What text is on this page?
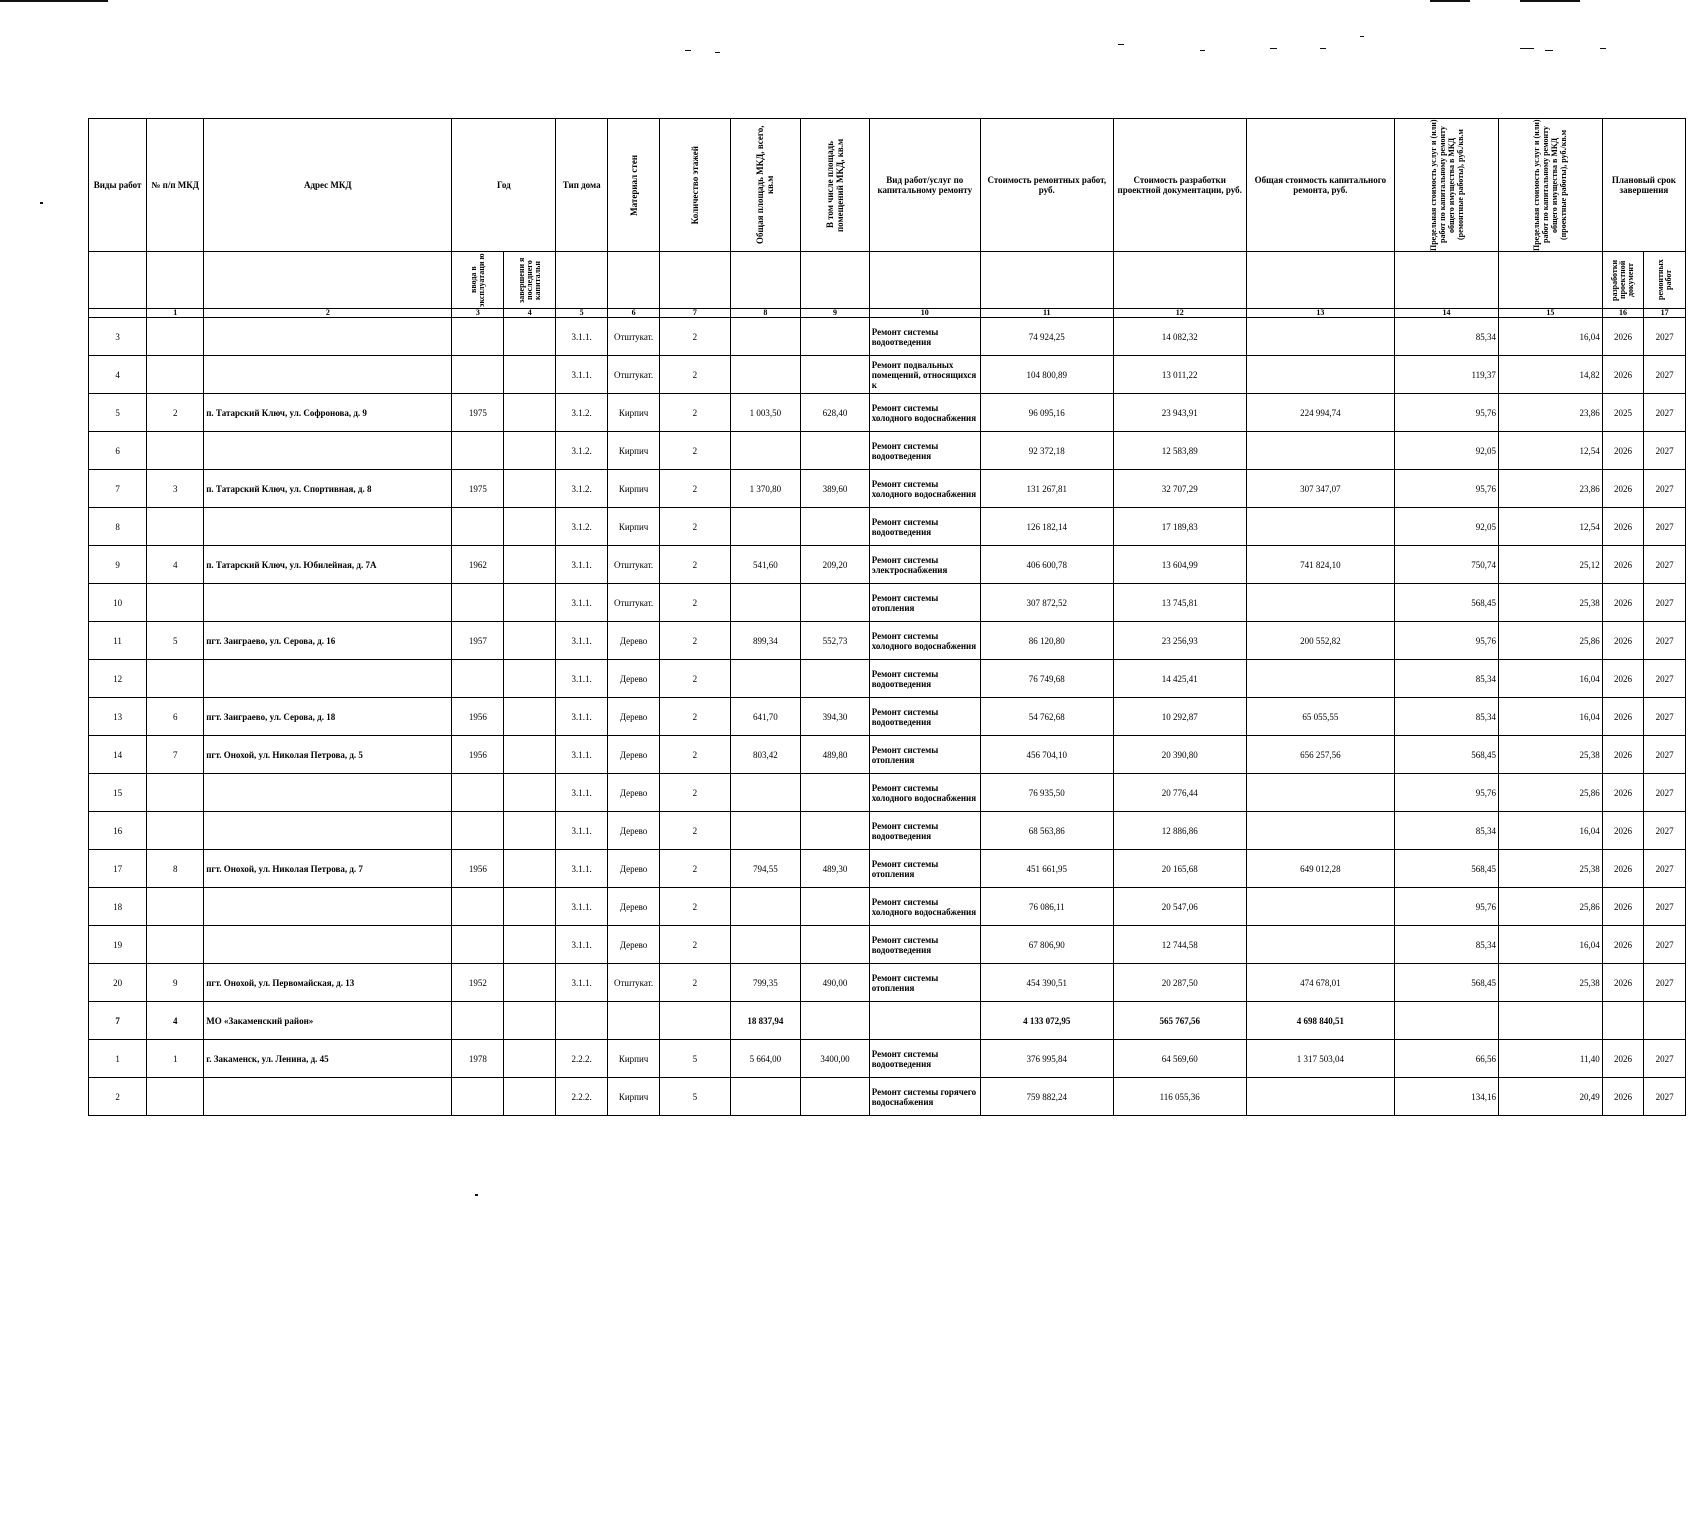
Виды работ	№ п/п МКД	Адрес МКД	Год		Тип дома	Материал стен	Количество этажей	Общая площадь МКД, всего, кв.м	В том числе площадь помещений МКД, кв.м	Вид работ/услуг по капитальному ремонту	Стоимость ремонтных работ, руб.	Стоимость разработки проектной документации, руб.	Общая стоимость капитального ремонта, руб.	Предельная стоимость услуг и (или) работ по капитальному ремонту общего имущества в МКД (ремонтные работы), руб./кв.м	Предельная стоимость услуг и (или) работ по капитальному ремонту общего имущества в МКД (проектные работы), руб./кв.м	Плановый срок завершения	

			ввода в эксплуатаци ю	завершени я последнего капитальн												разработки проектной документ	ремонтных работ

	1	2	3	4	5	6	7	8	9	10	11	12	13	14	15	16	17
3					3.1.1.	Отштукат.	2			Ремонт системы водоотведения	74 924,25	14 082,32		85,34	16,04	2026	2027
4					3.1.1.	Отштукат.	2			Ремонт подвальных помещений, относящихся к	104 800,89	13 011,22		119,37	14,82	2026	2027
5	2	п. Татарский Ключ, ул. Софронова, д. 9	1975		3.1.2.	Кирпич	2	1 003,50	628,40	Ремонт системы холодного водоснабжения	96 095,16	23 943,91	224 994,74	95,76	23,86	2025	2027
6					3.1.2.	Кирпич	2			Ремонт системы водоотведения	92 372,18	12 583,89		92,05	12,54	2026	2027
7	3	п. Татарский Ключ, ул. Спортивная, д. 8	1975		3.1.2.	Кирпич	2	1 370,80	389,60	Ремонт системы холодного водоснабжения	131 267,81	32 707,29	307 347,07	95,76	23,86	2026	2027
8					3.1.2.	Кирпич	2			Ремонт системы водоотведения	126 182,14	17 189,83		92,05	12,54	2026	2027
9	4	п. Татарский Ключ, ул. Юбилейная, д. 7А	1962		3.1.1.	Отштукат.	2	541,60	209,20	Ремонт системы электроснабжения	406 600,78	13 604,99	741 824,10	750,74	25,12	2026	2027
10					3.1.1.	Отштукат.	2			Ремонт системы отопления	307 872,52	13 745,81		568,45	25,38	2026	2027
11	5	пгт. Заиграево, ул. Серова, д. 16	1957		3.1.1.	Дерево	2	899,34	552,73	Ремонт системы холодного водоснабжения	86 120,80	23 256,93	200 552,82	95,76	25,86	2026	2027
12					3.1.1.	Дерево	2			Ремонт системы водоотведения	76 749,68	14 425,41		85,34	16,04	2026	2027
13	6	пгт. Заиграево, ул. Серова, д. 18	1956		3.1.1.	Дерево	2	641,70	394,30	Ремонт системы водоотведения	54 762,68	10 292,87	65 055,55	85,34	16,04	2026	2027
14	7	пгт. Онохой, ул. Николая Петрова, д. 5	1956		3.1.1.	Дерево	2	803,42	489,80	Ремонт системы отопления	456 704,10	20 390,80	656 257,56	568,45	25,38	2026	2027
15					3.1.1.	Дерево	2			Ремонт системы холодного водоснабжения	76 935,50	20 776,44		95,76	25,86	2026	2027
16					3.1.1.	Дерево	2			Ремонт системы водоотведения	68 563,86	12 886,86		85,34	16,04	2026	2027
17	8	пгт. Онохой, ул. Николая Петрова, д. 7	1956		3.1.1.	Дерево	2	794,55	489,30	Ремонт системы отопления	451 661,95	20 165,68	649 012,28	568,45	25,38	2026	2027
18					3.1.1.	Дерево	2			Ремонт системы холодного водоснабжения	76 086,11	20 547,06		95,76	25,86	2026	2027
19					3.1.1.	Дерево	2			Ремонт системы водоотведения	67 806,90	12 744,58		85,34	16,04	2026	2027
20	9	пгт. Онохой, ул. Первомайская, д. 13	1952		3.1.1.	Отштукат.	2	799,35	490,00	Ремонт системы отопления	454 390,51	20 287,50	474 678,01	568,45	25,38	2026	2027
7	4	МО «Закаменский район»						18 837,94			4 133 072,95	565 767,56	4 698 840,51				
1	1	г. Закаменск, ул. Ленина, д. 45	1978		2.2.2.	Кирпич	5	5 664,00	3400,00	Ремонт системы водоотведения	376 995,84	64 569,60	1 317 503,04	66,56	11,40	2026	2027
2					2.2.2.	Кирпич	5			Ремонт системы горячего водоснабжения	759 882,24	116 055,36		134,16	20,49	2026	2027
